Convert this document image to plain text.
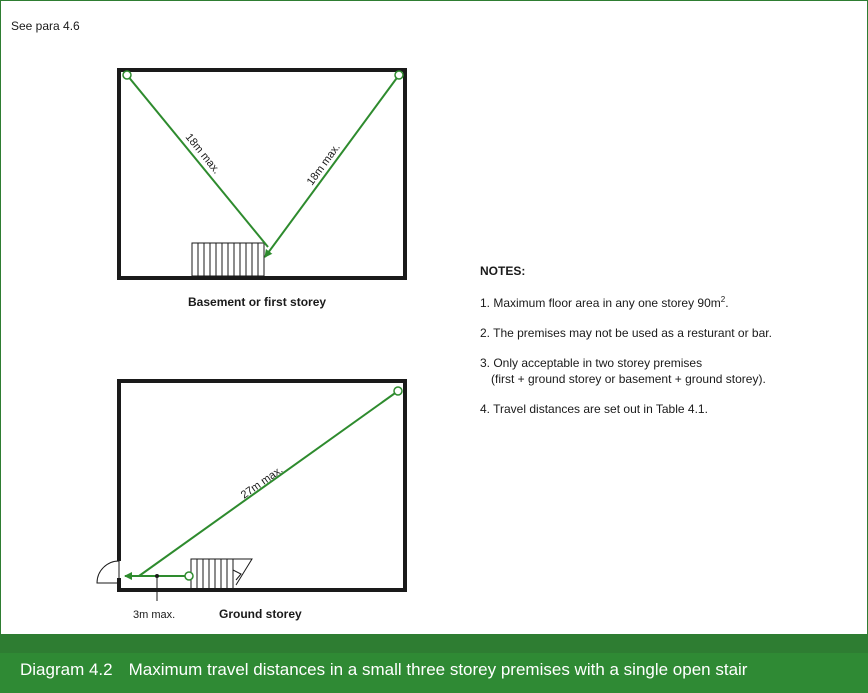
See para 4.6
18m max.	18m max.
27m max.
3m max.
Basement or first storey
Ground storey
NOTES:
1. Maximum floor area in any one storey $90m^2$.
2. The premises may not be used as a resturant or bar.
3. Only acceptable in two storey premises
(first + ground storey or basement + ground storey).
4. Travel distances are set out in Table 4.1.
Diagram 4.2 Maximum travel distances in a small three storey premises with a single open stair
